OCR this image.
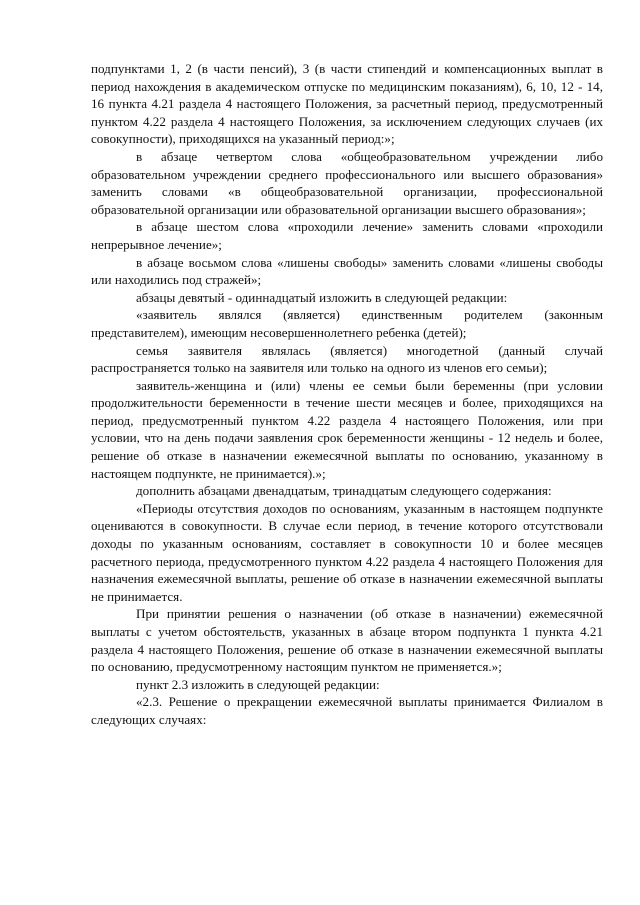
подпунктами 1, 2 (в части пенсий), 3 (в части стипендий и компенсационных выплат в период нахождения в академическом отпуске по медицинским показаниям), 6, 10, 12 - 14, 16 пункта 4.21 раздела 4 настоящего Положения, за расчетный период, предусмотренный пунктом 4.22 раздела 4 настоящего Положения, за исключением следующих случаев (их совокупности), приходящихся на указанный период:»;

в абзаце четвертом слова «общеобразовательном учреждении либо образовательном учреждении среднего профессионального или высшего образования» заменить словами «в общеобразовательной организации, профессиональной образовательной организации или образовательной организации высшего образования»;

в абзаце шестом слова «проходили лечение» заменить словами «проходили непрерывное лечение»;

в абзаце восьмом слова «лишены свободы» заменить словами «лишены свободы или находились под стражей»;

абзацы девятый - одиннадцатый изложить в следующей редакции:

«заявитель являлся (является) единственным родителем (законным представителем), имеющим несовершеннолетнего ребенка (детей);

семья заявителя являлась (является) многодетной (данный случай распространяется только на заявителя или только на одного из членов его семьи);

заявитель-женщина и (или) члены ее семьи были беременны (при условии продолжительности беременности в течение шести месяцев и более, приходящихся на период, предусмотренный пунктом 4.22 раздела 4 настоящего Положения, или при условии, что на день подачи заявления срок беременности женщины - 12 недель и более, решение об отказе в назначении ежемесячной выплаты по основанию, указанному в настоящем подпункте, не принимается).»;

дополнить абзацами двенадцатым, тринадцатым следующего содержания:

«Периоды отсутствия доходов по основаниям, указанным в настоящем подпункте оцениваются в совокупности. В случае если период, в течение которого отсутствовали доходы по указанным основаниям, составляет в совокупности 10 и более месяцев расчетного периода, предусмотренного пунктом 4.22 раздела 4 настоящего Положения для назначения ежемесячной выплаты, решение об отказе в назначении ежемесячной выплаты не принимается.

При принятии решения о назначении (об отказе в назначении) ежемесячной выплаты с учетом обстоятельств, указанных в абзаце втором подпункта 1 пункта 4.21 раздела 4 настоящего Положения, решение об отказе в назначении ежемесячной выплаты по основанию, предусмотренному настоящим пунктом не применяется.»;

пункт 2.3 изложить в следующей редакции:

«2.3. Решение о прекращении ежемесячной выплаты принимается Филиалом в следующих случаях:
